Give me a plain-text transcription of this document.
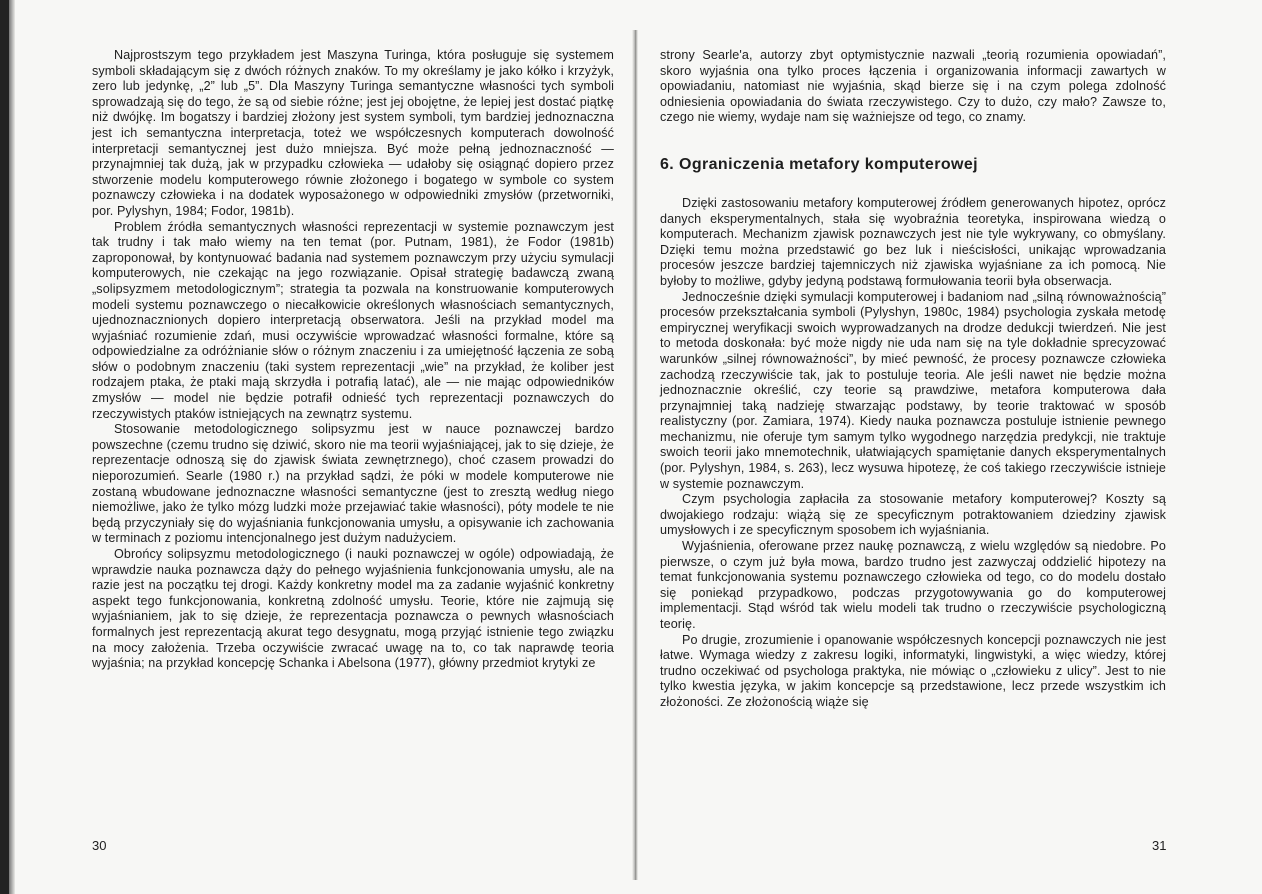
Najprostszym tego przykładem jest Maszyna Turinga, która posługuje się systemem symboli składającym się z dwóch różnych znaków. To my określamy je jako kółko i krzyżyk, zero lub jedynkę, „2” lub „5”. Dla Maszyny Turinga semantyczne własności tych symboli sprowadzają się do tego, że są od siebie różne; jest jej obojętne, że lepiej jest dostać piątkę niż dwójkę. Im bogatszy i bardziej złożony jest system symboli, tym bardziej jednoznaczna jest ich semantyczna interpretacja, toteż we współczesnych komputerach dowolność interpretacji semantycznej jest dużo mniejsza. Być może pełną jednoznaczność — przynajmniej tak dużą, jak w przypadku człowieka — udałoby się osiągnąć dopiero przez stworzenie modelu komputerowego równie złożonego i bogatego w symbole co system poznawczy człowieka i na dodatek wyposażonego w odpowiedniki zmysłów (przetworniki, por. Pylyshyn, 1984; Fodor, 1981b).

Problem źródła semantycznych własności reprezentacji w systemie poznawczym jest tak trudny i tak mało wiemy na ten temat (por. Putnam, 1981), że Fodor (1981b) zaproponował, by kontynuować badania nad systemem poznawczym przy użyciu symulacji komputerowych, nie czekając na jego rozwiązanie. Opisał strategię badawczą zwaną „solipsyzmem metodologicznym”; strategia ta pozwala na konstruowanie komputerowych modeli systemu poznawczego o niecałkowicie określonych własnościach semantycznych, ujednoznacznionych dopiero interpretacją obserwatora. Jeśli na przykład model ma wyjaśniać rozumienie zdań, musi oczywiście wprowadzać własności formalne, które są odpowiedzialne za odróżnianie słów o różnym znaczeniu i za umiejętność łączenia ze sobą słów o podobnym znaczeniu (taki system reprezentacji „wie” na przykład, że koliber jest rodzajem ptaka, że ptaki mają skrzydła i potrafią latać), ale — nie mając odpowiedników zmysłów — model nie będzie potrafił odnieść tych reprezentacji poznawczych do rzeczywistych ptaków istniejących na zewnątrz systemu.

Stosowanie metodologicznego solipsyzmu jest w nauce poznawczej bardzo powszechne (czemu trudno się dziwić, skoro nie ma teorii wyjaśniającej, jak to się dzieje, że reprezentacje odnoszą się do zjawisk świata zewnętrznego), choć czasem prowadzi do nieporozumień. Searle (1980 r.) na przykład sądzi, że póki w modele komputerowe nie zostaną wbudowane jednoznaczne własności semantyczne (jest to zresztą według niego niemożliwe, jako że tylko mózg ludzki może przejawiać takie własności), póty modele te nie będą przyczyniały się do wyjaśniania funkcjonowania umysłu, a opisywanie ich zachowania w terminach z poziomu intencjonalnego jest dużym nadużyciem.

Obrońcy solipsyzmu metodologicznego (i nauki poznawczej w ogóle) odpowiadają, że wprawdzie nauka poznawcza dąży do pełnego wyjaśnienia funkcjonowania umysłu, ale na razie jest na początku tej drogi. Każdy konkretny model ma za zadanie wyjaśnić konkretny aspekt tego funkcjonowania, konkretną zdolność umysłu. Teorie, które nie zajmują się wyjaśnianiem, jak to się dzieje, że reprezentacja poznawcza o pewnych własnościach formalnych jest reprezentacją akurat tego desygnatu, mogą przyjąć istnienie tego związku na mocy założenia. Trzeba oczywiście zwracać uwagę na to, co tak naprawdę teoria wyjaśnia; na przykład koncepcję Schanka i Abelsona (1977), główny przedmiot krytyki ze

30

strony Searle'a, autorzy zbyt optymistycznie nazwali „teorią rozumienia opowiadań”, skoro wyjaśnia ona tylko proces łączenia i organizowania informacji zawartych w opowiadaniu, natomiast nie wyjaśnia, skąd bierze się i na czym polega zdolność odniesienia opowiadania do świata rzeczywistego. Czy to dużo, czy mało? Zawsze to, czego nie wiemy, wydaje nam się ważniejsze od tego, co znamy.

6. Ograniczenia metafory komputerowej

Dzięki zastosowaniu metafory komputerowej źródłem generowanych hipotez, oprócz danych eksperymentalnych, stała się wyobraźnia teoretyka, inspirowana wiedzą o komputerach. Mechanizm zjawisk poznawczych jest nie tyle wykrywany, co obmyślany. Dzięki temu można przedstawić go bez luk i nieścisłości, unikając wprowadzania procesów jeszcze bardziej tajemniczych niż zjawiska wyjaśniane za ich pomocą. Nie byłoby to możliwe, gdyby jedyną podstawą formułowania teorii była obserwacja.

Jednocześnie dzięki symulacji komputerowej i badaniom nad „silną równoważnością” procesów przekształcania symboli (Pylyshyn, 1980c, 1984) psychologia zyskała metodę empirycznej weryfikacji swoich wyprowadzanych na drodze dedukcji twierdzeń. Nie jest to metoda doskonała: być może nigdy nie uda nam się na tyle dokładnie sprecyzować warunków „silnej równoważności”, by mieć pewność, że procesy poznawcze człowieka zachodzą rzeczywiście tak, jak to postuluje teoria. Ale jeśli nawet nie będzie można jednoznacznie określić, czy teorie są prawdziwe, metafora komputerowa dała przynajmniej taką nadzieję stwarzając podstawy, by teorie traktować w sposób realistyczny (por. Zamiara, 1974). Kiedy nauka poznawcza postuluje istnienie pewnego mechanizmu, nie oferuje tym samym tylko wygodnego narzędzia predykcji, nie traktuje swoich teorii jako mnemotechnik, ułatwiających spamiętanie danych eksperymentalnych (por. Pylyshyn, 1984, s. 263), lecz wysuwa hipotezę, że coś takiego rzeczywiście istnieje w systemie poznawczym.

Czym psychologia zapłaciła za stosowanie metafory komputerowej? Koszty są dwojakiego rodzaju: wiążą się ze specyficznym potraktowaniem dziedziny zjawisk umysłowych i ze specyficznym sposobem ich wyjaśniania.

Wyjaśnienia, oferowane przez naukę poznawczą, z wielu względów są niedobre. Po pierwsze, o czym już była mowa, bardzo trudno jest zazwyczaj oddzielić hipotezy na temat funkcjonowania systemu poznawczego człowieka od tego, co do modelu dostało się poniekąd przypadkowo, podczas przygotowywania go do komputerowej implementacji. Stąd wśród tak wielu modeli tak trudno o rzeczywiście psychologiczną teorię.

Po drugie, zrozumienie i opanowanie współczesnych koncepcji poznawczych nie jest łatwe. Wymaga wiedzy z zakresu logiki, informatyki, lingwistyki, a więc wiedzy, której trudno oczekiwać od psychologa praktyka, nie mówiąc o „człowieku z ulicy”. Jest to nie tylko kwestia języka, w jakim koncepcje są przedstawione, lecz przede wszystkim ich złożoności. Ze złożonością wiąże się

31
